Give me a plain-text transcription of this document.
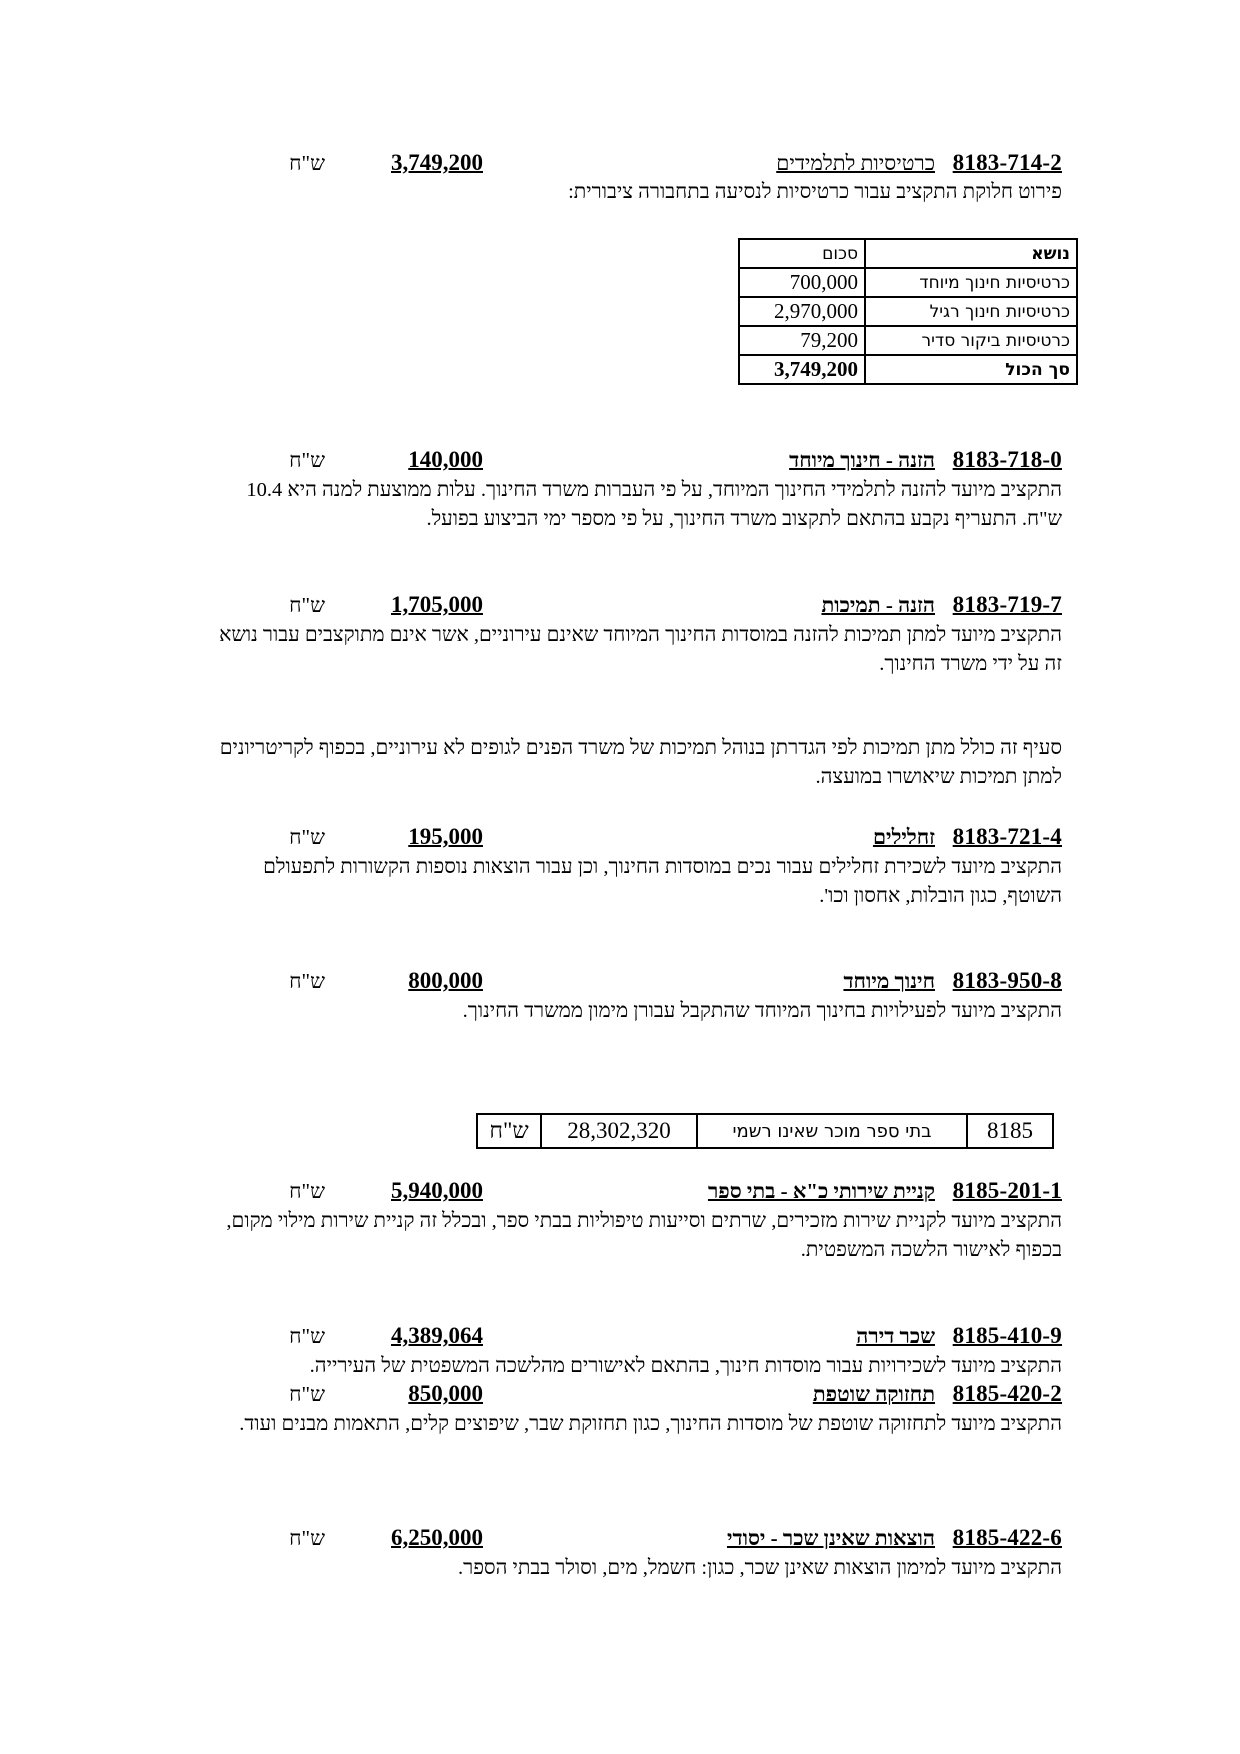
8183-714-2
כרטיסיות לתלמידים
3,749,200
ש"ח
פירוט חלוקת התקציב עבור כרטיסיות לנסיעה בתחבורה ציבורית:
נושא	סכום
כרטיסיות חינוך מיוחד	700,000
כרטיסיות חינוך רגיל	2,970,000
כרטיסיות ביקור סדיר	79,200
סך הכול	3,749,200
8183-718-0
הזנה - חינוך מיוחד
140,000
ש"ח
התקציב מיועד להזנה לתלמידי החינוך המיוחד, על פי העברות משרד החינוך. עלות ממוצעת למנה היא 10.4 ש"ח. התעריף נקבע בהתאם לתקצוב משרד החינוך, על פי מספר ימי הביצוע בפועל.
8183-719-7
הזנה - תמיכות
1,705,000
ש"ח
התקציב מיועד למתן תמיכות להזנה במוסדות החינוך המיוחד שאינם עירוניים, אשר אינם מתוקצבים עבור נושא זה על ידי משרד החינוך.
סעיף זה כולל מתן תמיכות לפי הגדרתן בנוהל תמיכות של משרד הפנים לגופים לא עירוניים, בכפוף לקריטריונים למתן תמיכות שיאושרו במועצה.
8183-721-4
זחלילים
195,000
ש"ח
התקציב מיועד לשכירת זחלילים עבור נכים במוסדות החינוך, וכן עבור הוצאות נוספות הקשורות לתפעולם השוטף, כגון הובלות, אחסון וכו'.
8183-950-8
חינוך מיוחד
800,000
ש"ח
התקציב מיועד לפעילויות בחינוך המיוחד שהתקבל עבורן מימון ממשרד החינוך.
8185	בתי ספר מוכר שאינו רשמי	28,302,320	ש"ח
8185-201-1
קניית שירותי כ"א - בתי ספר
5,940,000
ש"ח
התקציב מיועד לקניית שירות מזכירים, שרתים וסייעות טיפוליות בבתי ספר, ובכלל זה קניית שירות מילוי מקום, בכפוף לאישור הלשכה המשפטית.
8185-410-9
שכר דירה
4,389,064
ש"ח
התקציב מיועד לשכירויות עבור מוסדות חינוך, בהתאם לאישורים מהלשכה המשפטית של העירייה.
8185-420-2
תחזוקה שוטפת
850,000
ש"ח
התקציב מיועד לתחזוקה שוטפת של מוסדות החינוך, כגון תחזוקת שבר, שיפוצים קלים, התאמות מבנים ועוד.
8185-422-6
הוצאות שאינן שכר - יסודי
6,250,000
ש"ח
התקציב מיועד למימון הוצאות שאינן שכר, כגון: חשמל, מים, וסולר בבתי הספר.
